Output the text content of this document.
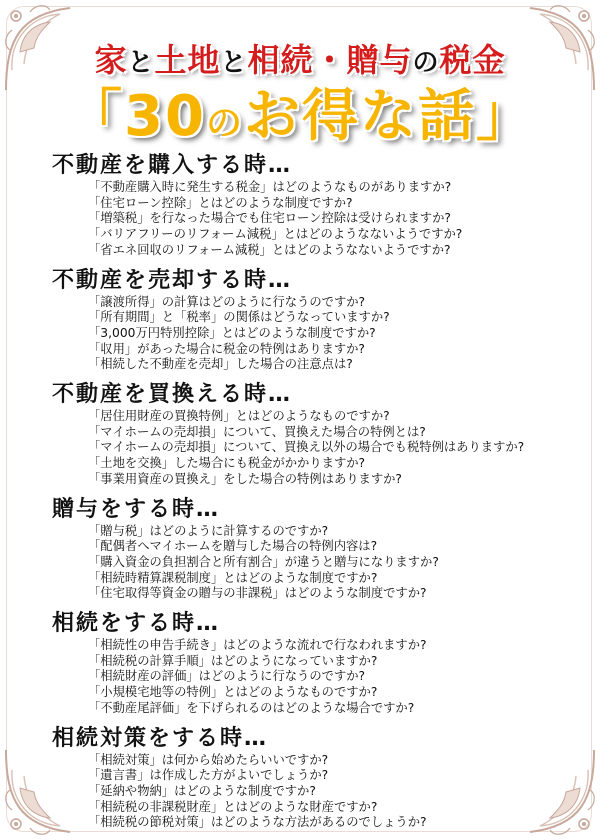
家と土地と相続・贈与の税金
「30のお得な話」
不動産を購入する時…
「不動産購入時に発生する税金」はどのようなものがありますか?
「住宅ローン控除」とはどのような制度ですか?
「増築税」を行なった場合でも住宅ローン控除は受けられますか?
「バリアフリーのリフォーム減税」とはどのようなないようですか?
「省エネ回収のリフォーム減税」とはどのようなないようですか?
不動産を売却する時…
「譲渡所得」の計算はどのように行なうのですか?
「所有期間」と「税率」の関係はどうなっていますか?
「3,000万円特別控除」とはどのような制度ですか?
「収用」があった場合に税金の特例はありますか?
「相続した不動産を売却」した場合の注意点は?
不動産を買換える時…
「居住用財産の買換特例」とはどのようなものですか?
「マイホームの売却損」について、買換えた場合の特例とは?
「マイホームの売却損」について、買換え以外の場合でも税特例はありますか?
「土地を交換」した場合にも税金がかかりますか?
「事業用資産の買換え」をした場合の特例はありますか?
贈与をする時…
「贈与税」はどのように計算するのですか?
「配偶者へマイホームを贈与した場合の特例内容は?
「購入資金の負担割合と所有割合」が違うと贈与になりますか?
「相続時精算課税制度」とはどのような制度ですか?
「住宅取得等資金の贈与の非課税」はどのような制度ですか?
相続をする時…
「相続性の申告手続き」はどのような流れで行なわれますか?
「相続税の計算手順」はどのようになっていますか?
「相続財産の評価」はどのように行なうのですか?
「小規模宅地等の特例」とはどのようなものですか?
「不動産尾評価」を下げられるのはどのような場合ですか?
相続対策をする時…
「相続対策」は何から始めたらいいですか?
「遺言書」は作成した方がよいでしょうか?
「延納や物納」はどのような制度ですか?
「相続税の非課税財産」とはどのような財産ですか?
「相続税の節税対策」はどのような方法があるのでしょうか?
